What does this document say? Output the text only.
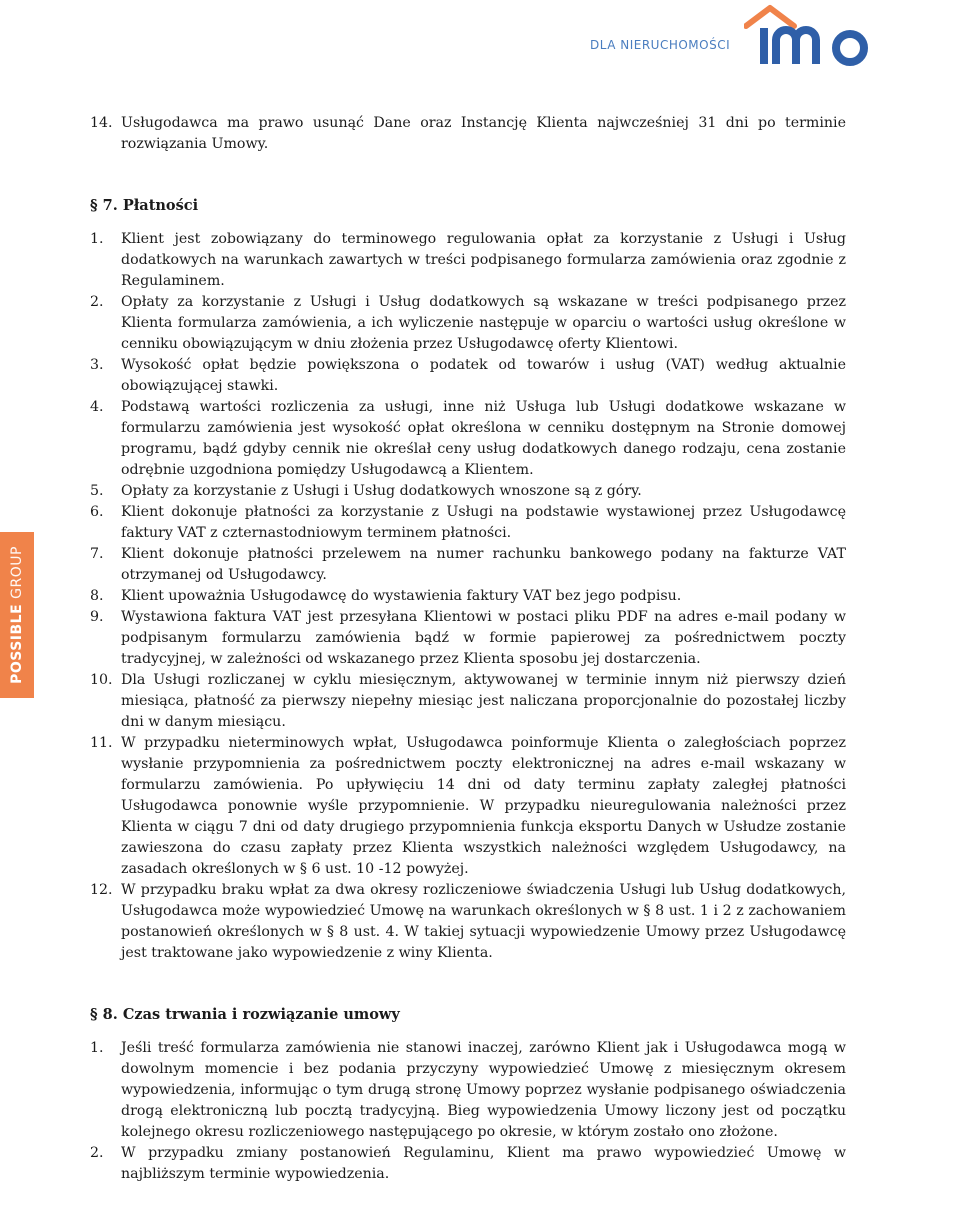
DLA NIERUCHOMOŚCI
POSSIBLE GROUP
14. Usługodawca ma prawo usunąć Dane oraz Instancję Klienta najwcześniej 31 dni po terminie rozwiązania Umowy.
§ 7. Płatności
1.	Klient jest zobowiązany do terminowego regulowania opłat za korzystanie z Usługi i Usług dodatkowych na warunkach zawartych w treści podpisanego formularza zamówienia oraz zgodnie z Regulaminem.
2.	Opłaty za korzystanie z Usługi i Usług dodatkowych są wskazane w treści podpisanego przez Klienta formularza zamówienia, a ich wyliczenie następuje w oparciu o wartości usług określone w cenniku obowiązującym w dniu złożenia przez Usługodawcę oferty Klientowi.
3.	Wysokość opłat będzie powiększona o podatek od towarów i usług (VAT) według aktualnie obowiązującej stawki.
4.	Podstawą wartości rozliczenia za usługi, inne niż Usługa lub Usługi dodatkowe wskazane w formularzu zamówienia jest wysokość opłat określona w cenniku dostępnym na Stronie domowej programu, bądź gdyby cennik nie określał ceny usług dodatkowych danego rodzaju, cena zostanie odrębnie uzgodniona pomiędzy Usługodawcą a Klientem.
5.	Opłaty za korzystanie z Usługi i Usług dodatkowych wnoszone są z góry.
6.	Klient dokonuje płatności za korzystanie z Usługi na podstawie wystawionej przez Usługodawcę faktury VAT z czternastodniowym terminem płatności.
7.	Klient dokonuje płatności przelewem na numer rachunku bankowego podany na fakturze VAT otrzymanej od Usługodawcy.
8.	Klient upoważnia Usługodawcę do wystawienia faktury VAT bez jego podpisu.
9.	Wystawiona faktura VAT jest przesyłana Klientowi w postaci pliku PDF na adres e-mail podany w podpisanym formularzu zamówienia bądź w formie papierowej za pośrednictwem poczty tradycyjnej, w zależności od wskazanego przez Klienta sposobu jej dostarczenia.
10. Dla Usługi rozliczanej w cyklu miesięcznym, aktywowanej w terminie innym niż pierwszy dzień miesiąca, płatność za pierwszy niepełny miesiąc jest naliczana proporcjonalnie do pozostałej liczby dni w danym miesiącu.
11. W przypadku nieterminowych wpłat, Usługodawca poinformuje Klienta o zaległościach poprzez wysłanie przypomnienia za pośrednictwem poczty elektronicznej na adres e-mail wskazany w formularzu zamówienia. Po upływięciu 14 dni od daty terminu zapłaty zaległej płatności Usługodawca ponownie wyśle przypomnienie. W przypadku nieuregulowania należności przez Klienta w ciągu 7 dni od daty drugiego przypomnienia funkcja eksportu Danych w Usłudze zostanie zawieszona do czasu zapłaty przez Klienta wszystkich należności względem Usługodawcy, na zasadach określonych w § 6 ust. 10 -12 powyżej.
12. W przypadku braku wpłat za dwa okresy rozliczeniowe świadczenia Usługi lub Usług dodatkowych, Usługodawca może wypowiedzieć Umowę na warunkach określonych w § 8 ust. 1 i 2 z zachowaniem postanowień określonych w § 8 ust. 4. W takiej sytuacji wypowiedzenie Umowy przez Usługodawcę jest traktowane jako wypowiedzenie z winy Klienta.
§ 8. Czas trwania i rozwiązanie umowy
1.	Jeśli treść formularza zamówienia nie stanowi inaczej, zarówno Klient jak i Usługodawca mogą w dowolnym momencie i bez podania przyczyny wypowiedzieć Umowę z miesięcznym okresem wypowiedzenia, informując o tym drugą stronę Umowy poprzez wysłanie podpisanego oświadczenia drogą elektroniczną lub pocztą tradycyjną. Bieg wypowiedzenia Umowy liczony jest od początku kolejnego okresu rozliczeniowego następującego po okresie, w którym zostało ono złożone.
2.	W przypadku zmiany postanowień Regulaminu, Klient ma prawo wypowiedzieć Umowę w najbliższym terminie wypowiedzenia.
